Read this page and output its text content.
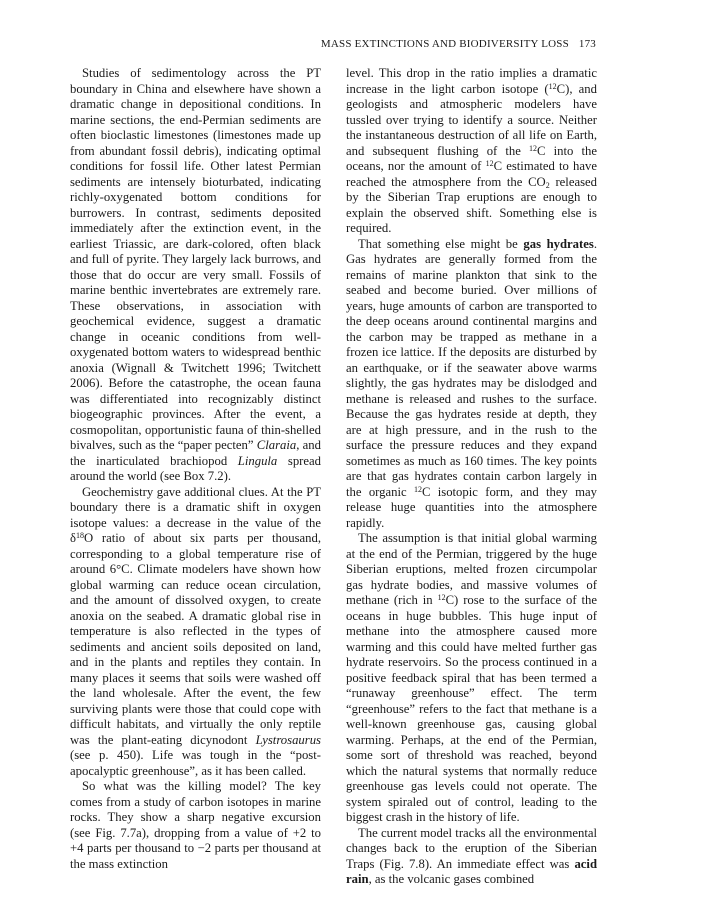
MASS EXTINCTIONS AND BIODIVERSITY LOSS 173

Studies of sedimentology across the PT boundary in China and elsewhere have shown a dramatic change in depositional conditions. In marine sections, the end-Permian sediments are often bioclastic limestones (limestones made up from abundant fossil debris), indicating optimal conditions for fossil life. Other latest Permian sediments are intensely bioturbated, indicating richly-oxygenated bottom conditions for burrowers. In contrast, sediments deposited immediately after the extinction event, in the earliest Triassic, are dark-colored, often black and full of pyrite. They largely lack burrows, and those that do occur are very small. Fossils of marine benthic invertebrates are extremely rare. These observations, in association with geochemical evidence, suggest a dramatic change in oceanic conditions from well-oxygenated bottom waters to widespread benthic anoxia (Wignall & Twitchett 1996; Twitchett 2006). Before the catastrophe, the ocean fauna was differentiated into recognizably distinct biogeographic provinces. After the event, a cosmopolitan, opportunistic fauna of thin-shelled bivalves, such as the “paper pecten” Claraia, and the inarticulated brachiopod Lingula spread around the world (see Box 7.2).

Geochemistry gave additional clues. At the PT boundary there is a dramatic shift in oxygen isotope values: a decrease in the value of the $\delta^{18}O$ ratio of about six parts per thousand, corresponding to a global temperature rise of around 6°C. Climate modelers have shown how global warming can reduce ocean circulation, and the amount of dissolved oxygen, to create anoxia on the seabed. A dramatic global rise in temperature is also reflected in the types of sediments and ancient soils deposited on land, and in the plants and reptiles they contain. In many places it seems that soils were washed off the land wholesale. After the event, the few surviving plants were those that could cope with difficult habitats, and virtually the only reptile was the plant-eating dicynodont Lystrosaurus (see p. 450). Life was tough in the “post-apocalyptic greenhouse”, as it has been called.

So what was the killing model? The key comes from a study of carbon isotopes in marine rocks. They show a sharp negative excursion (see Fig. 7.7a), dropping from a value of +2 to +4 parts per thousand to −2 parts per thousand at the mass extinction

level. This drop in the ratio implies a dramatic increase in the light carbon isotope ($^{12}$C), and geologists and atmospheric modelers have tussled over trying to identify a source. Neither the instantaneous destruction of all life on Earth, and subsequent flushing of the $^{12}$C into the oceans, nor the amount of $^{12}$C estimated to have reached the atmosphere from the $CO_2$ released by the Siberian Trap eruptions are enough to explain the observed shift. Something else is required.

That something else might be gas hydrates. Gas hydrates are generally formed from the remains of marine plankton that sink to the seabed and become buried. Over millions of years, huge amounts of carbon are transported to the deep oceans around continental margins and the carbon may be trapped as methane in a frozen ice lattice. If the deposits are disturbed by an earthquake, or if the seawater above warms slightly, the gas hydrates may be dislodged and methane is released and rushes to the surface. Because the gas hydrates reside at depth, they are at high pressure, and in the rush to the surface the pressure reduces and they expand sometimes as much as 160 times. The key points are that gas hydrates contain carbon largely in the organic $^{12}$C isotopic form, and they may release huge quantities into the atmosphere rapidly.

The assumption is that initial global warming at the end of the Permian, triggered by the huge Siberian eruptions, melted frozen circumpolar gas hydrate bodies, and massive volumes of methane (rich in $^{12}$C) rose to the surface of the oceans in huge bubbles. This huge input of methane into the atmosphere caused more warming and this could have melted further gas hydrate reservoirs. So the process continued in a positive feedback spiral that has been termed a “runaway greenhouse” effect. The term “greenhouse” refers to the fact that methane is a well-known greenhouse gas, causing global warming. Perhaps, at the end of the Permian, some sort of threshold was reached, beyond which the natural systems that normally reduce greenhouse gas levels could not operate. The system spiraled out of control, leading to the biggest crash in the history of life.

The current model tracks all the environmental changes back to the eruption of the Siberian Traps (Fig. 7.8). An immediate effect was acid rain, as the volcanic gases combined
